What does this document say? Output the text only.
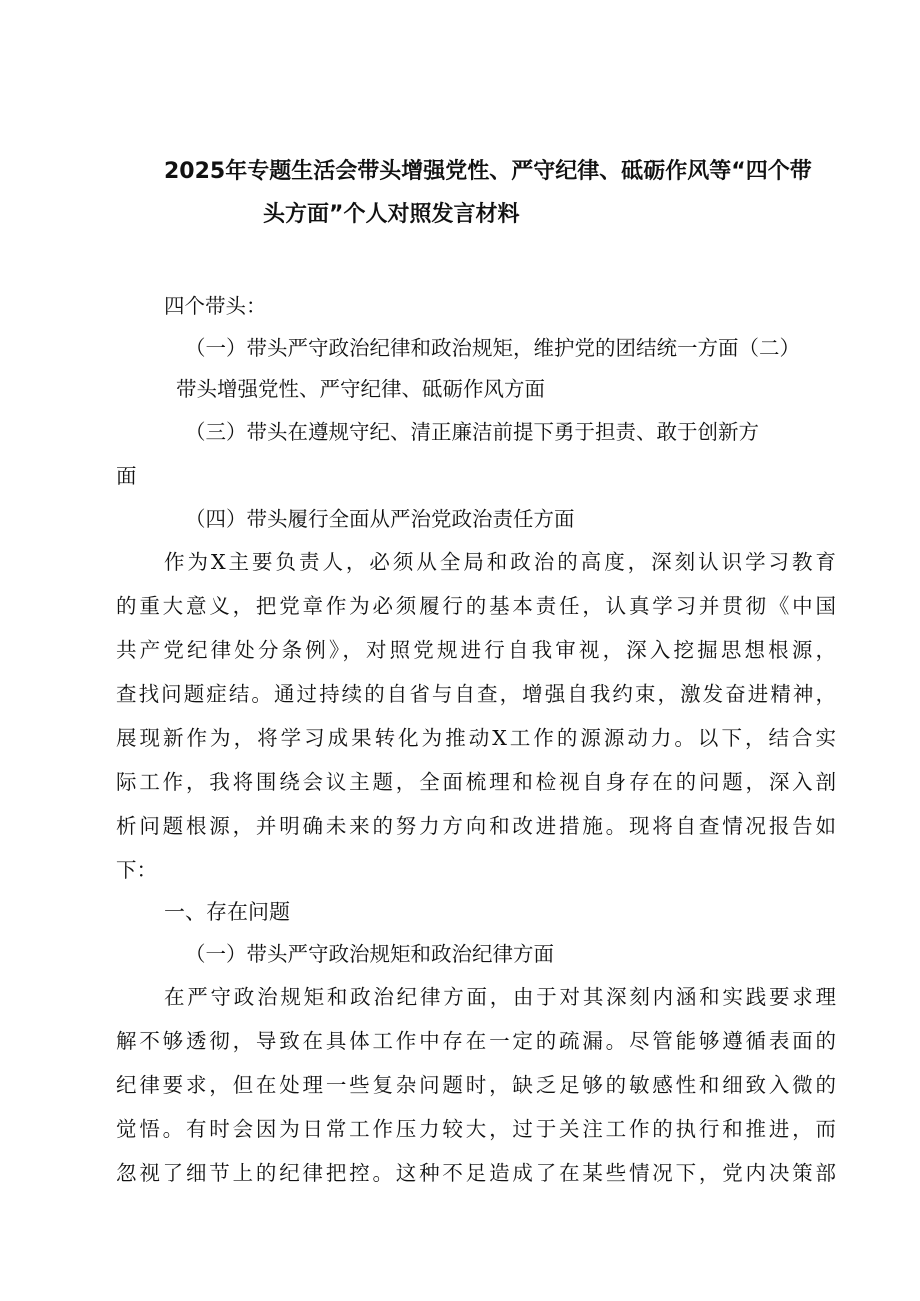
2025年专题生活会带头增强党性、严守纪律、砥砺作风等“四个带
头方面”个人对照发言材料
四个带头：
（一）带头严守政治纪律和政治规矩，维护党的团结统一方面（二）
带头增强党性、严守纪律、砥砺作风方面
（三）带头在遵规守纪、清正廉洁前提下勇于担责、敢于创新方
面
（四）带头履行全面从严治党政治责任方面
作为X主要负责人，必须从全局和政治的高度，深刻认识学习教育
的重大意义，把党章作为必须履行的基本责任，认真学习并贯彻《中国
共产党纪律处分条例》，对照党规进行自我审视，深入挖掘思想根源，
查找问题症结。通过持续的自省与自查，增强自我约束，激发奋进精神，
展现新作为，将学习成果转化为推动X工作的源源动力。以下，结合实
际工作，我将围绕会议主题，全面梳理和检视自身存在的问题，深入剖
析问题根源，并明确未来的努力方向和改进措施。现将自查情况报告如
下：
一、存在问题
（一）带头严守政治规矩和政治纪律方面
在严守政治规矩和政治纪律方面，由于对其深刻内涵和实践要求理
解不够透彻，导致在具体工作中存在一定的疏漏。尽管能够遵循表面的
纪律要求，但在处理一些复杂问题时，缺乏足够的敏感性和细致入微的
觉悟。有时会因为日常工作压力较大，过于关注工作的执行和推进，而
忽视了细节上的纪律把控。这种不足造成了在某些情况下，党内决策部
